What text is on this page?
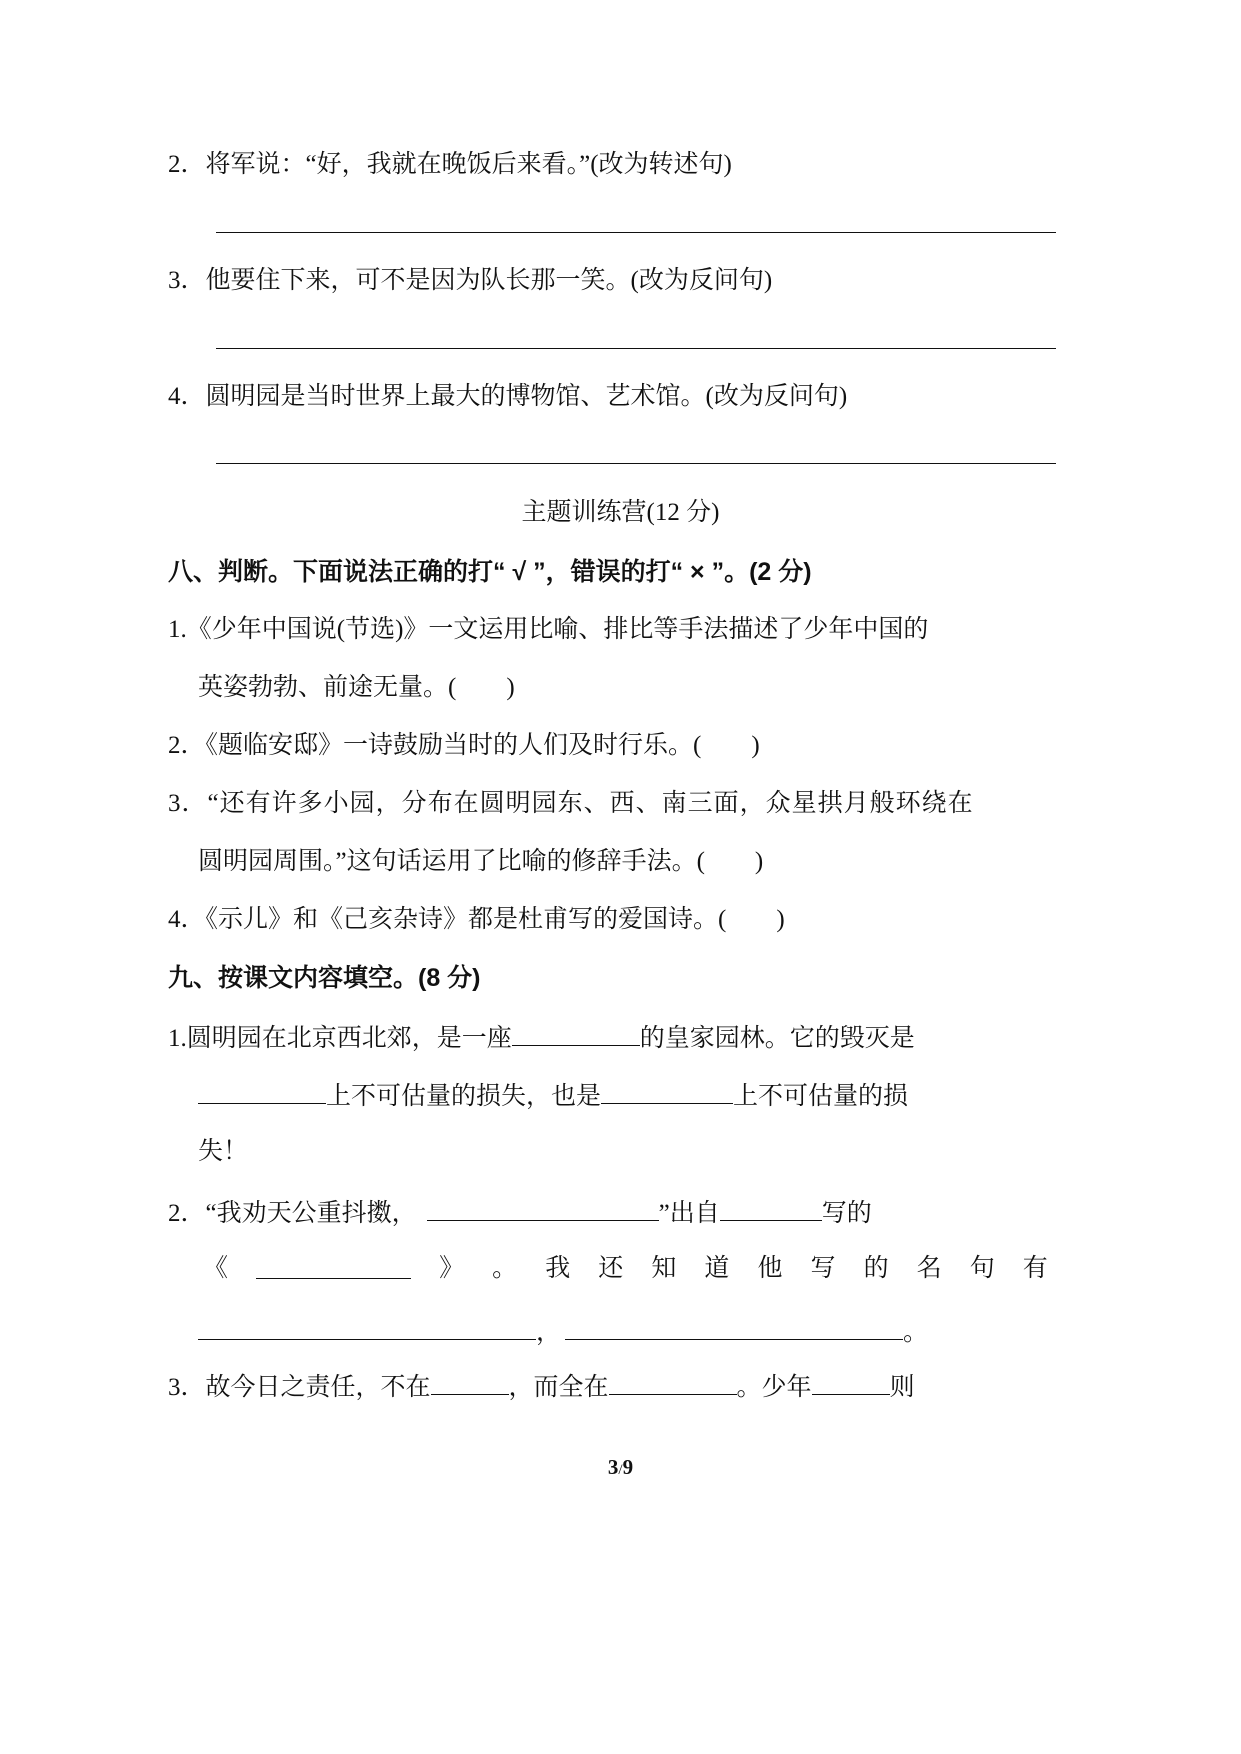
2．将军说：“好，我就在晚饭后来看。”(改为转述句)
3．他要住下来，可不是因为队长那一笑。(改为反问句)
4．圆明园是当时世界上最大的博物馆、艺术馆。(改为反问句)
主题训练营(12 分)
八、判断。下面说法正确的打“ √ ”，错误的打“ × ”。(2 分)
1.《少年中国说(节选)》一文运用比喻、排比等手法描述了少年中国的
英姿勃勃、前途无量。(　　)
2．《题临安邸》一诗鼓励当时的人们及时行乐。(　　)
3．“还有许多小园，分布在圆明园东、西、南三面，众星拱月般环绕在
圆明园周围。”这句话运用了比喻的修辞手法。(　　)
4．《示儿》和《己亥杂诗》都是杜甫写的爱国诗。(　　)
九、按课文内容填空。(8 分)
1.圆明园在北京西北郊，是一座	的皇家园林。它的毁灭是
上不可估量的损失，也是	上不可估量的损
失！
2．“我劝天公重抖擞，	”出自	写的
《	》 。 我 还 知 道 他 写 的 名 句 有
，	。
3．故今日之责任，不在	，而全在	。少年	则
3/9
